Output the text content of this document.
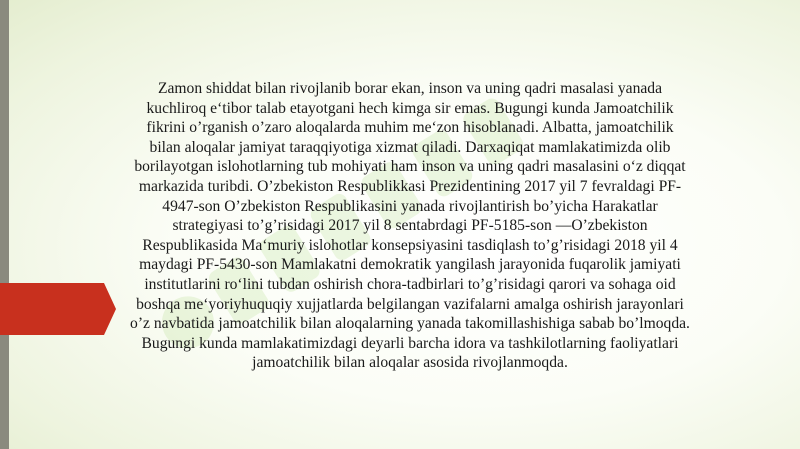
Zamon shiddat bilan rivojlanib borar ekan, inson va uning qadri masalasi yanada kuchliroq e‘tibor talab etayotgani hech kimga sir emas. Bugungi kunda Jamoatchilik fikrini o’rganish o’zaro aloqalarda muhim me‘zon hisoblanadi. Albatta, jamoatchilik bilan aloqalar jamiyat taraqqiyotiga xizmat qiladi. Darxaqiqat mamlakatimizda olib borilayotgan islohotlarning tub mohiyati ham inson va uning qadri masalasini o‘z diqqat markazida turibdi. O’zbekiston Respublikkasi Prezidentining 2017 yil 7 fevraldagi PF-4947-son O’zbekiston Respublikasini yanada rivojlantirish bo’yicha Harakatlar strategiyasi to’g’risidagi 2017 yil 8 sentabrdagi PF-5185-son —O’zbekiston Respublikasida Ma‘muriy islohotlar konsepsiyasini tasdiqlash to’g’risidagi 2018 yil 4 maydagi PF-5430-son Mamlakatni demokratik yangilash jarayonida fuqarolik jamiyati institutlarini ro‘lini tubdan oshirish chora-tadbirlari to’g’risidagi qarori va sohaga oid boshqa me‘yoriyhuquqiy xujjatlarda belgilangan vazifalarni amalga oshirish jarayonlari o’z navbatida jamoatchilik bilan aloqalarning yanada takomillashishiga sabab bo’lmoqda. Bugungi kunda mamlakatimizdagi deyarli barcha idora va tashkilotlarning faoliyatlari jamoatchilik bilan aloqalar asosida rivojlanmoqda.
